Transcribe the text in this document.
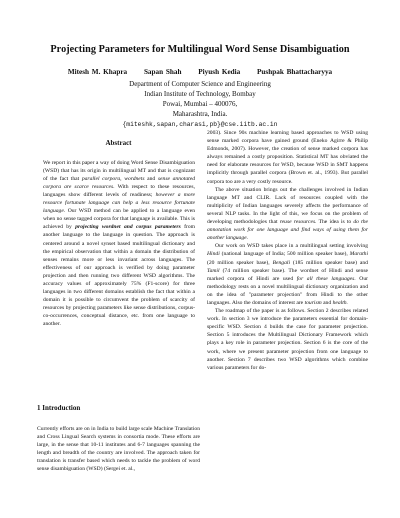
Projecting Parameters for Multilingual Word Sense Disambiguation
Mitesh M. Khapra Sapan Shah Piyush Kedia Pushpak Bhattacharyya
Department of Computer Science and Engineering
Indian Institute of Technology, Bombay
Powai, Mumbai – 400076,
Maharashtra, India.
{miteshk,sapan,charasi,pb}@cse.iitb.ac.in
Abstract

We report in this paper a way of doing Word Sense Disambiguation (WSD) that has its origin in multilingual MT and that is cognizant of the fact that parallel corpora, wordnets and sense annotated corpora are scarce resources. With respect to these resources, languages show different levels of readiness; however a more resource fortunate language can help a less resource fortunate language. Our WSD method can be applied to a language even when no sense tagged corpora for that language is available. This is achieved by projecting wordnet and corpus parameters from another language to the language in question. The approach is centered around a novel synset based multilingual dictionary and the empirical observation that within a domain the distribution of senses remains more or less invariant across languages. The effectiveness of our approach is verified by doing parameter projection and then running two different WSD algorithms. The accuracy values of approximately 75% (F1-score) for three languages in two different domains establish the fact that within a domain it is possible to circumvent the problem of scarcity of resources by projecting parameters like sense distributions, corpus-co-occurrences, conceptual distance, etc. from one language to another.

1 Introduction

Currently efforts are on in India to build large scale Machine Translation and Cross Lingual Search systems in consortia mode. These efforts are large, in the sense that 10-11 institutes and 6-7 languages spanning the length and breadth of the country are involved. The approach taken for translation is transfer based which needs to tackle the problem of word sense disambiguation (WSD) (Sergei et. al.,

2003). Since 90s machine learning based approaches to WSD using sense marked corpora have gained ground (Eneko Agirre & Philip Edmonds, 2007). However, the creation of sense marked corpora has always remained a costly proposition. Statistical MT has obviated the need for elaborate resources for WSD, because WSD in SMT happens implicitly through parallel corpora (Brown et. al., 1993). But parallel corpora too are a very costly resource.

The above situation brings out the challenges involved in Indian language MT and CLIR. Lack of resources coupled with the multiplicity of Indian languages severely affects the performance of several NLP tasks. In the light of this, we focus on the problem of developing methodologies that reuse resources. The idea is to do the annotation work for one language and find ways of using them for another language.

Our work on WSD takes place in a multilingual setting involving Hindi (national language of India; 500 million speaker base), Marathi (20 million speaker base), Bengali (185 million speaker base) and Tamil (74 million speaker base). The wordnet of Hindi and sense marked corpora of Hindi are used for all these languages. Our methodology rests on a novel multilingual dictionary organization and on the idea of "parameter projection" from Hindi to the other languages. Also the domains of interest are tourism and health.

The roadmap of the paper is as follows. Section 2 describes related work. In section 3 we introduce the parameters essential for domain-specific WSD. Section 4 builds the case for parameter projection. Section 5 introduces the Multilingual Dictionary Framework which plays a key role in parameter projection. Section 6 is the core of the work, where we present parameter projection from one language to another. Section 7 describes two WSD algorithms which combine various parameters for do-
